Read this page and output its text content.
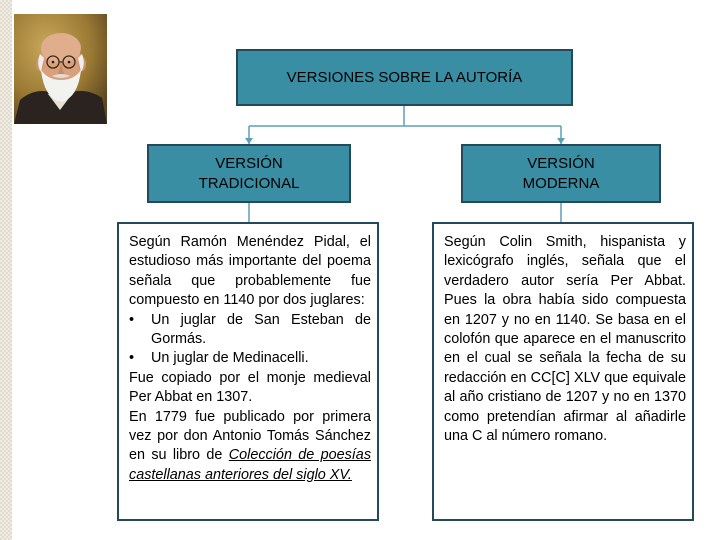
VERSIONES SOBRE LA AUTORÍA
VERSIÓN
TRADICIONAL
VERSIÓN
MODERNA

Según Ramón Menéndez Pidal, el estudioso más importante del poema señala que probablemente fue compuesto en 1140 por dos juglares:

•	Un juglar de San Esteban de Gormás.
•	Un juglar de Medinacelli.

Fue copiado por el monje medieval Per Abbat en 1307.

En 1779 fue publicado por primera vez por don Antonio Tomás Sánchez en su libro de Colección de poesías castellanas anteriores del siglo XV.

Según Colin Smith, hispanista y lexicógrafo inglés, señala que el verdadero autor sería Per Abbat. Pues la obra había sido compuesta en 1207 y no en 1140. Se basa en el colofón que aparece en el manuscrito en el cual se señala la fecha de su redacción en CC[C] XLV que equivale al año cristiano de 1207 y no en 1370 como pretendían afirmar al añadirle una C al número romano.
